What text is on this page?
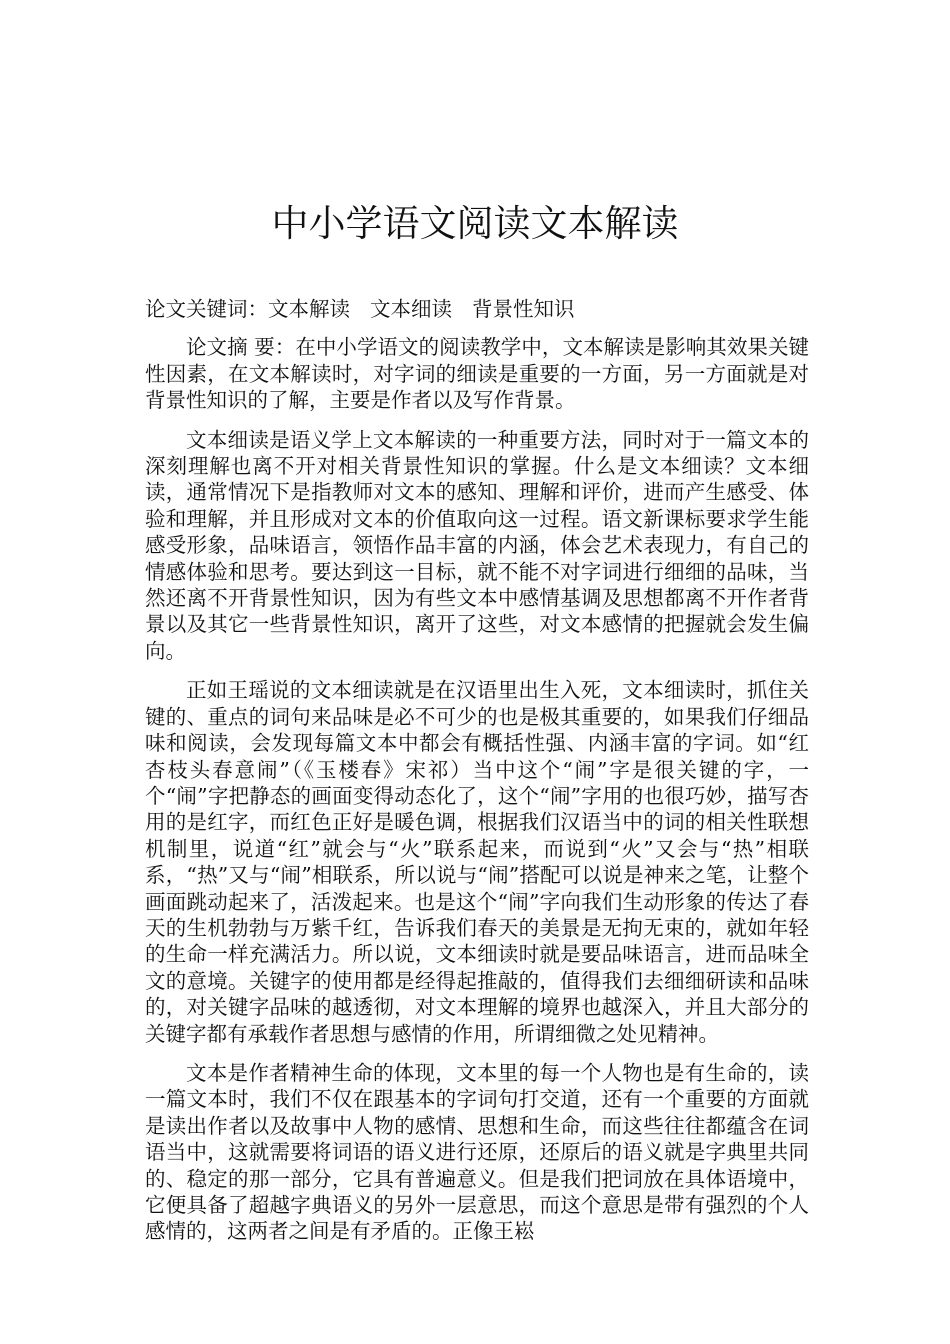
中小学语文阅读文本解读
论文关键词：文本解读 文本细读 背景性知识

论文摘 要：在中小学语文的阅读教学中，文本解读是影响其效果关键性因素，在文本解读时，对字词的细读是重要的一方面，另一方面就是对背景性知识的了解，主要是作者以及写作背景。

文本细读是语义学上文本解读的一种重要方法，同时对于一篇文本的深刻理解也离不开对相关背景性知识的掌握。什么是文本细读？文本细读，通常情况下是指教师对文本的感知、理解和评价，进而产生感受、体验和理解，并且形成对文本的价值取向这一过程。语文新课标要求学生能感受形象，品味语言，领悟作品丰富的内涵，体会艺术表现力，有自己的情感体验和思考。要达到这一目标，就不能不对字词进行细细的品味，当然还离不开背景性知识，因为有些文本中感情基调及思想都离不开作者背景以及其它一些背景性知识，离开了这些，对文本感情的把握就会发生偏向。

正如王瑶说的文本细读就是在汉语里出生入死，文本细读时，抓住关键的、重点的词句来品味是必不可少的也是极其重要的，如果我们仔细品味和阅读，会发现每篇文本中都会有概括性强、内涵丰富的字词。如“红杏枝头春意闹”（《玉楼春》宋祁）当中这个“闹”字是很关键的字，一个“闹”字把静态的画面变得动态化了，这个“闹”字用的也很巧妙，描写杏用的是红字，而红色正好是暖色调，根据我们汉语当中的词的相关性联想机制里，说道“红”就会与“火”联系起来，而说到“火”又会与“热”相联系，“热”又与“闹”相联系，所以说与“闹”搭配可以说是神来之笔，让整个画面跳动起来了，活泼起来。也是这个“闹”字向我们生动形象的传达了春天的生机勃勃与万紫千红，告诉我们春天的美景是无拘无束的，就如年轻的生命一样充满活力。所以说，文本细读时就是要品味语言，进而品味全文的意境。关键字的使用都是经得起推敲的，值得我们去细细研读和品味的，对关键字品味的越透彻，对文本理解的境界也越深入，并且大部分的关键字都有承载作者思想与感情的作用，所谓细微之处见精神。

文本是作者精神生命的体现，文本里的每一个人物也是有生命的，读一篇文本时，我们不仅在跟基本的字词句打交道，还有一个重要的方面就是读出作者以及故事中人物的感情、思想和生命，而这些往往都蕴含在词语当中，这就需要将词语的语义进行还原，还原后的语义就是字典里共同的、稳定的那一部分，它具有普遍意义。但是我们把词放在具体语境中，它便具备了超越字典语义的另外一层意思，而这个意思是带有强烈的个人感情的，这两者之间是有矛盾的。正像王崧
